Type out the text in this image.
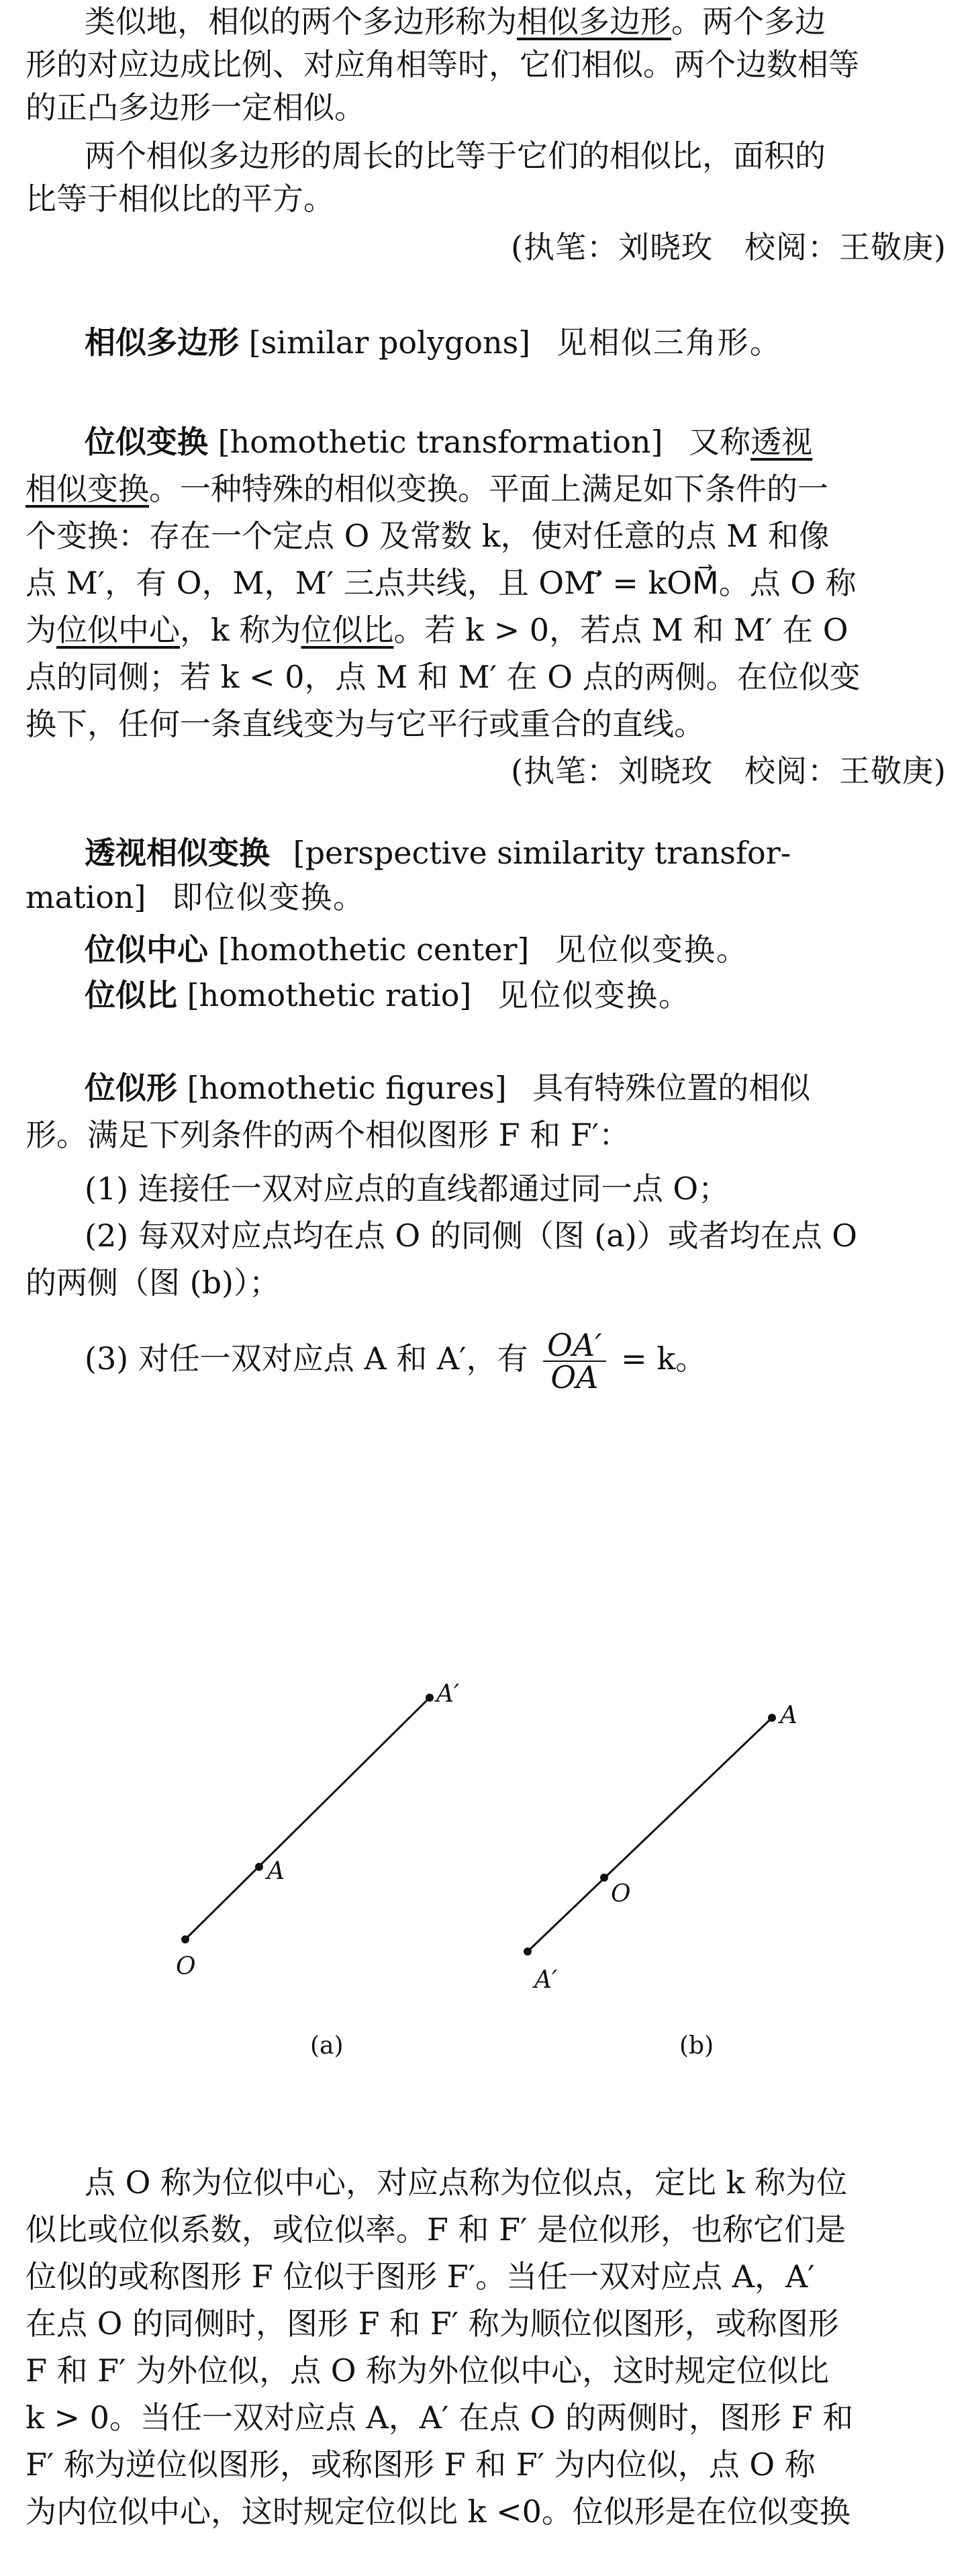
类似地，相似的两个多边形称为相似多边形。两个多边
形的对应边成比例、对应角相等时，它们相似。两个边数相等
的正凸多边形一定相似。
两个相似多边形的周长的比等于它们的相似比，面积的
比等于相似比的平方。
(执笔：刘晓玫　校阅：王敬庚)
相似多边形 [similar polygons] 见相似三角形。
位似变换 [homothetic transformation] 又称透视
相似变换。一种特殊的相似变换。平面上满足如下条件的一
个变换：存在一个定点 O 及常数 k，使对任意的点 M 和像
点 M′，有 O，M，M′ 三点共线，且 OM′⃗ = kOM⃗。点 O 称
为位似中心，k 称为位似比。若 k > 0，若点 M 和 M′ 在 O
点的同侧；若 k < 0，点 M 和 M′ 在 O 点的两侧。在位似变
换下，任何一条直线变为与它平行或重合的直线。
(执笔：刘晓玫　校阅：王敬庚)
透视相似变换 [perspective similarity transfor-
mation] 即位似变换。
位似中心 [homothetic center] 见位似变换。
位似比 [homothetic ratio] 见位似变换。
位似形 [homothetic figures] 具有特殊位置的相似
形。满足下列条件的两个相似图形 F 和 F′：
(1) 连接任一双对应点的直线都通过同一点 O；
(2) 每双对应点均在点 O 的同侧（图 (a)）或者均在点 O
的两侧（图 (b)）；
(3) 对任一双对应点 A 和 A′，有 $\frac{OA'}{OA} = k$。
O
A
A′
(a)
A
O
A′
(b)
点 O 称为位似中心，对应点称为位似点，定比 k 称为位
似比或位似系数，或位似率。F 和 F′ 是位似形，也称它们是
位似的或称图形 F 位似于图形 F′。当任一双对应点 A，A′
在点 O 的同侧时，图形 F 和 F′ 称为顺位似图形，或称图形
F 和 F′ 为外位似，点 O 称为外位似中心，这时规定位似比
k > 0。当任一双对应点 A，A′ 在点 O 的两侧时，图形 F 和
F′ 称为逆位似图形，或称图形 F 和 F′ 为内位似，点 O 称
为内位似中心，这时规定位似比 k <0。位似形是在位似变换
